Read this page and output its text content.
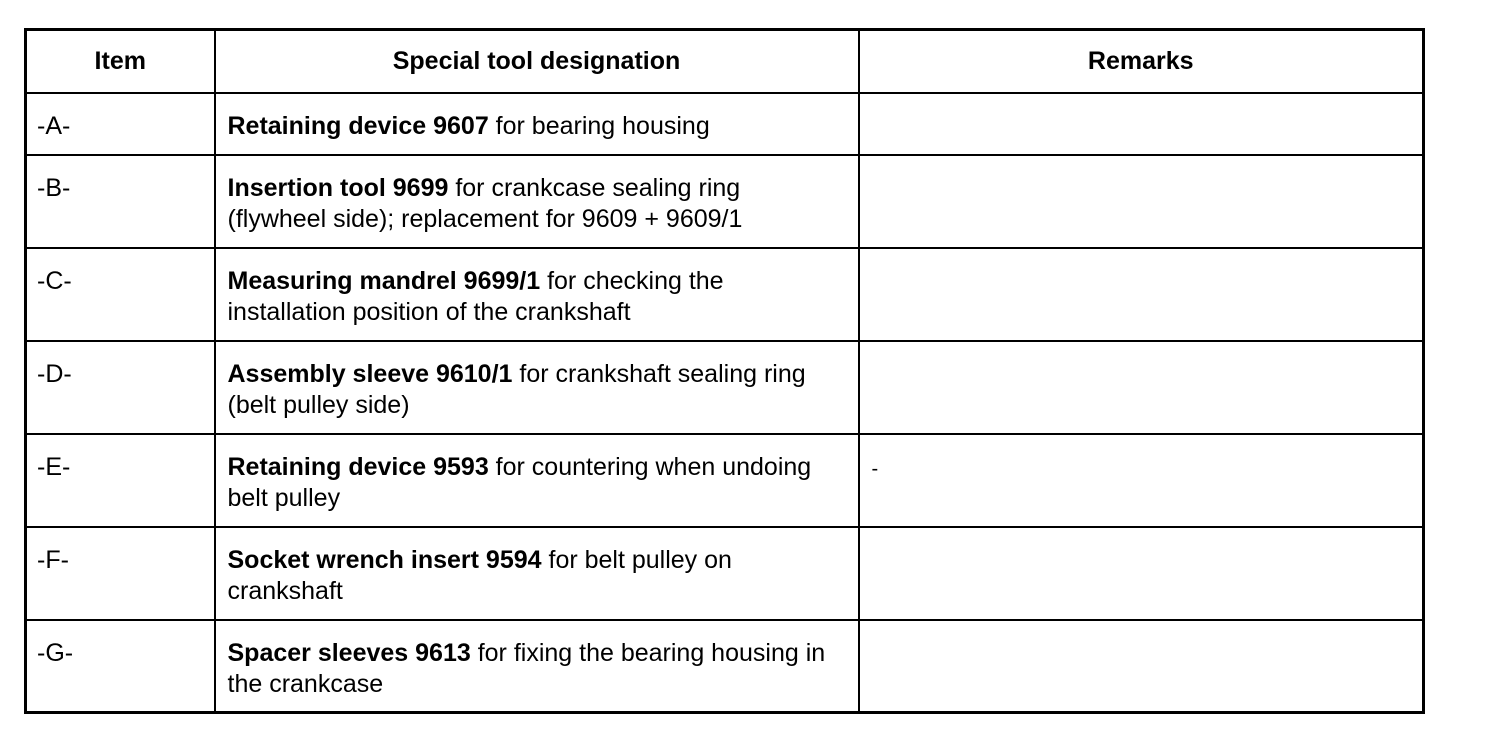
Item	Special tool designation	Remarks
-A-	Retaining device 9607 for bearing housing	
-B-	Insertion tool 9699 for crankcase sealing ring (flywheel side); replacement for 9609 + 9609/1	
-C-	Measuring mandrel 9699/1 for checking the installation position of the crankshaft	
-D-	Assembly sleeve 9610/1 for crankshaft sealing ring (belt pulley side)	
-E-	Retaining device 9593 for countering when undoing belt pulley	-
-F-	Socket wrench insert 9594 for belt pulley on crankshaft	
-G-	Spacer sleeves 9613 for fixing the bearing housing in the crankcase	
